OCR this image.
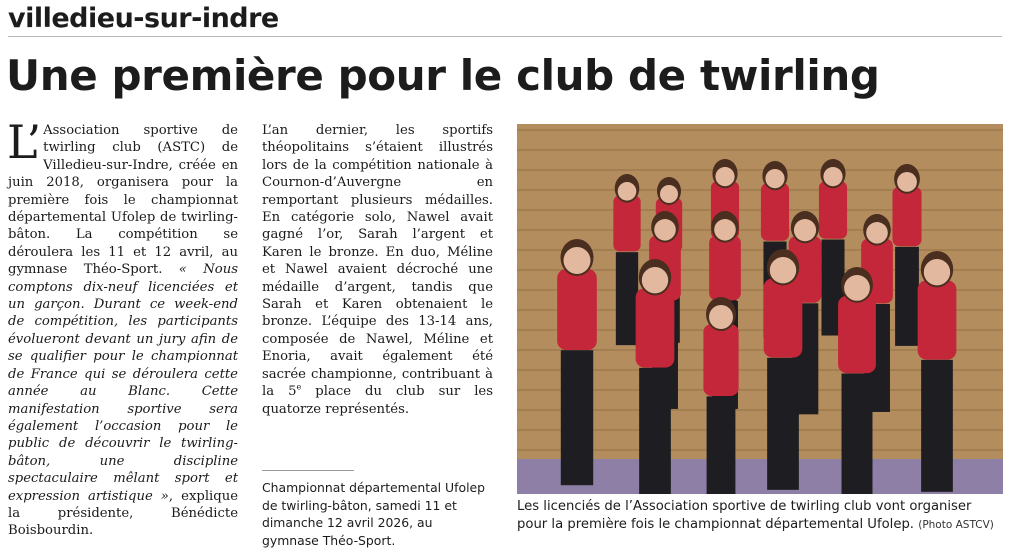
villedieu-sur-indre
Une première pour le club de twirling
L’ Association sportive de twirling club (ASTC) de Villedieu-sur-Indre, créée en juin 2018, organisera pour la première fois le championnat départemental Ufolep de twirling-bâton. La compétition se déroulera les 11 et 12 avril, au gymnase Théo-Sport. « Nous comptons dix-neuf licenciées et un garçon. Durant ce week-end de compétition, les participants évolueront devant un jury afin de se qualifier pour le championnat de France qui se déroulera cette année au Blanc. Cette manifestation sportive sera également l’occasion pour le public de découvrir le twirling-bâton, une discipline spectaculaire mêlant sport et expression artistique », explique la présidente, Bénédicte Boisbourdin.
L’an dernier, les sportifs théopolitains s’étaient illustrés lors de la compétition nationale à Cournon-d’Auvergne en remportant plusieurs médailles. En catégorie solo, Nawel avait gagné l’or, Sarah l’argent et Karen le bronze. En duo, Méline et Nawel avaient décroché une médaille d’argent, tandis que Sarah et Karen obtenaient le bronze. L’équipe des 13-14 ans, composée de Nawel, Méline et Enoria, avait également été sacrée championne, contribuant à la 5e place du club sur les quatorze représentés.
Championnat départemental Ufolep de twirling-bâton, samedi 11 et dimanche 12 avril 2026, au gymnase Théo-Sport.
Les licenciés de l’Association sportive de twirling club vont organiser pour la première fois le championnat départemental Ufolep. (Photo ASTCV)
